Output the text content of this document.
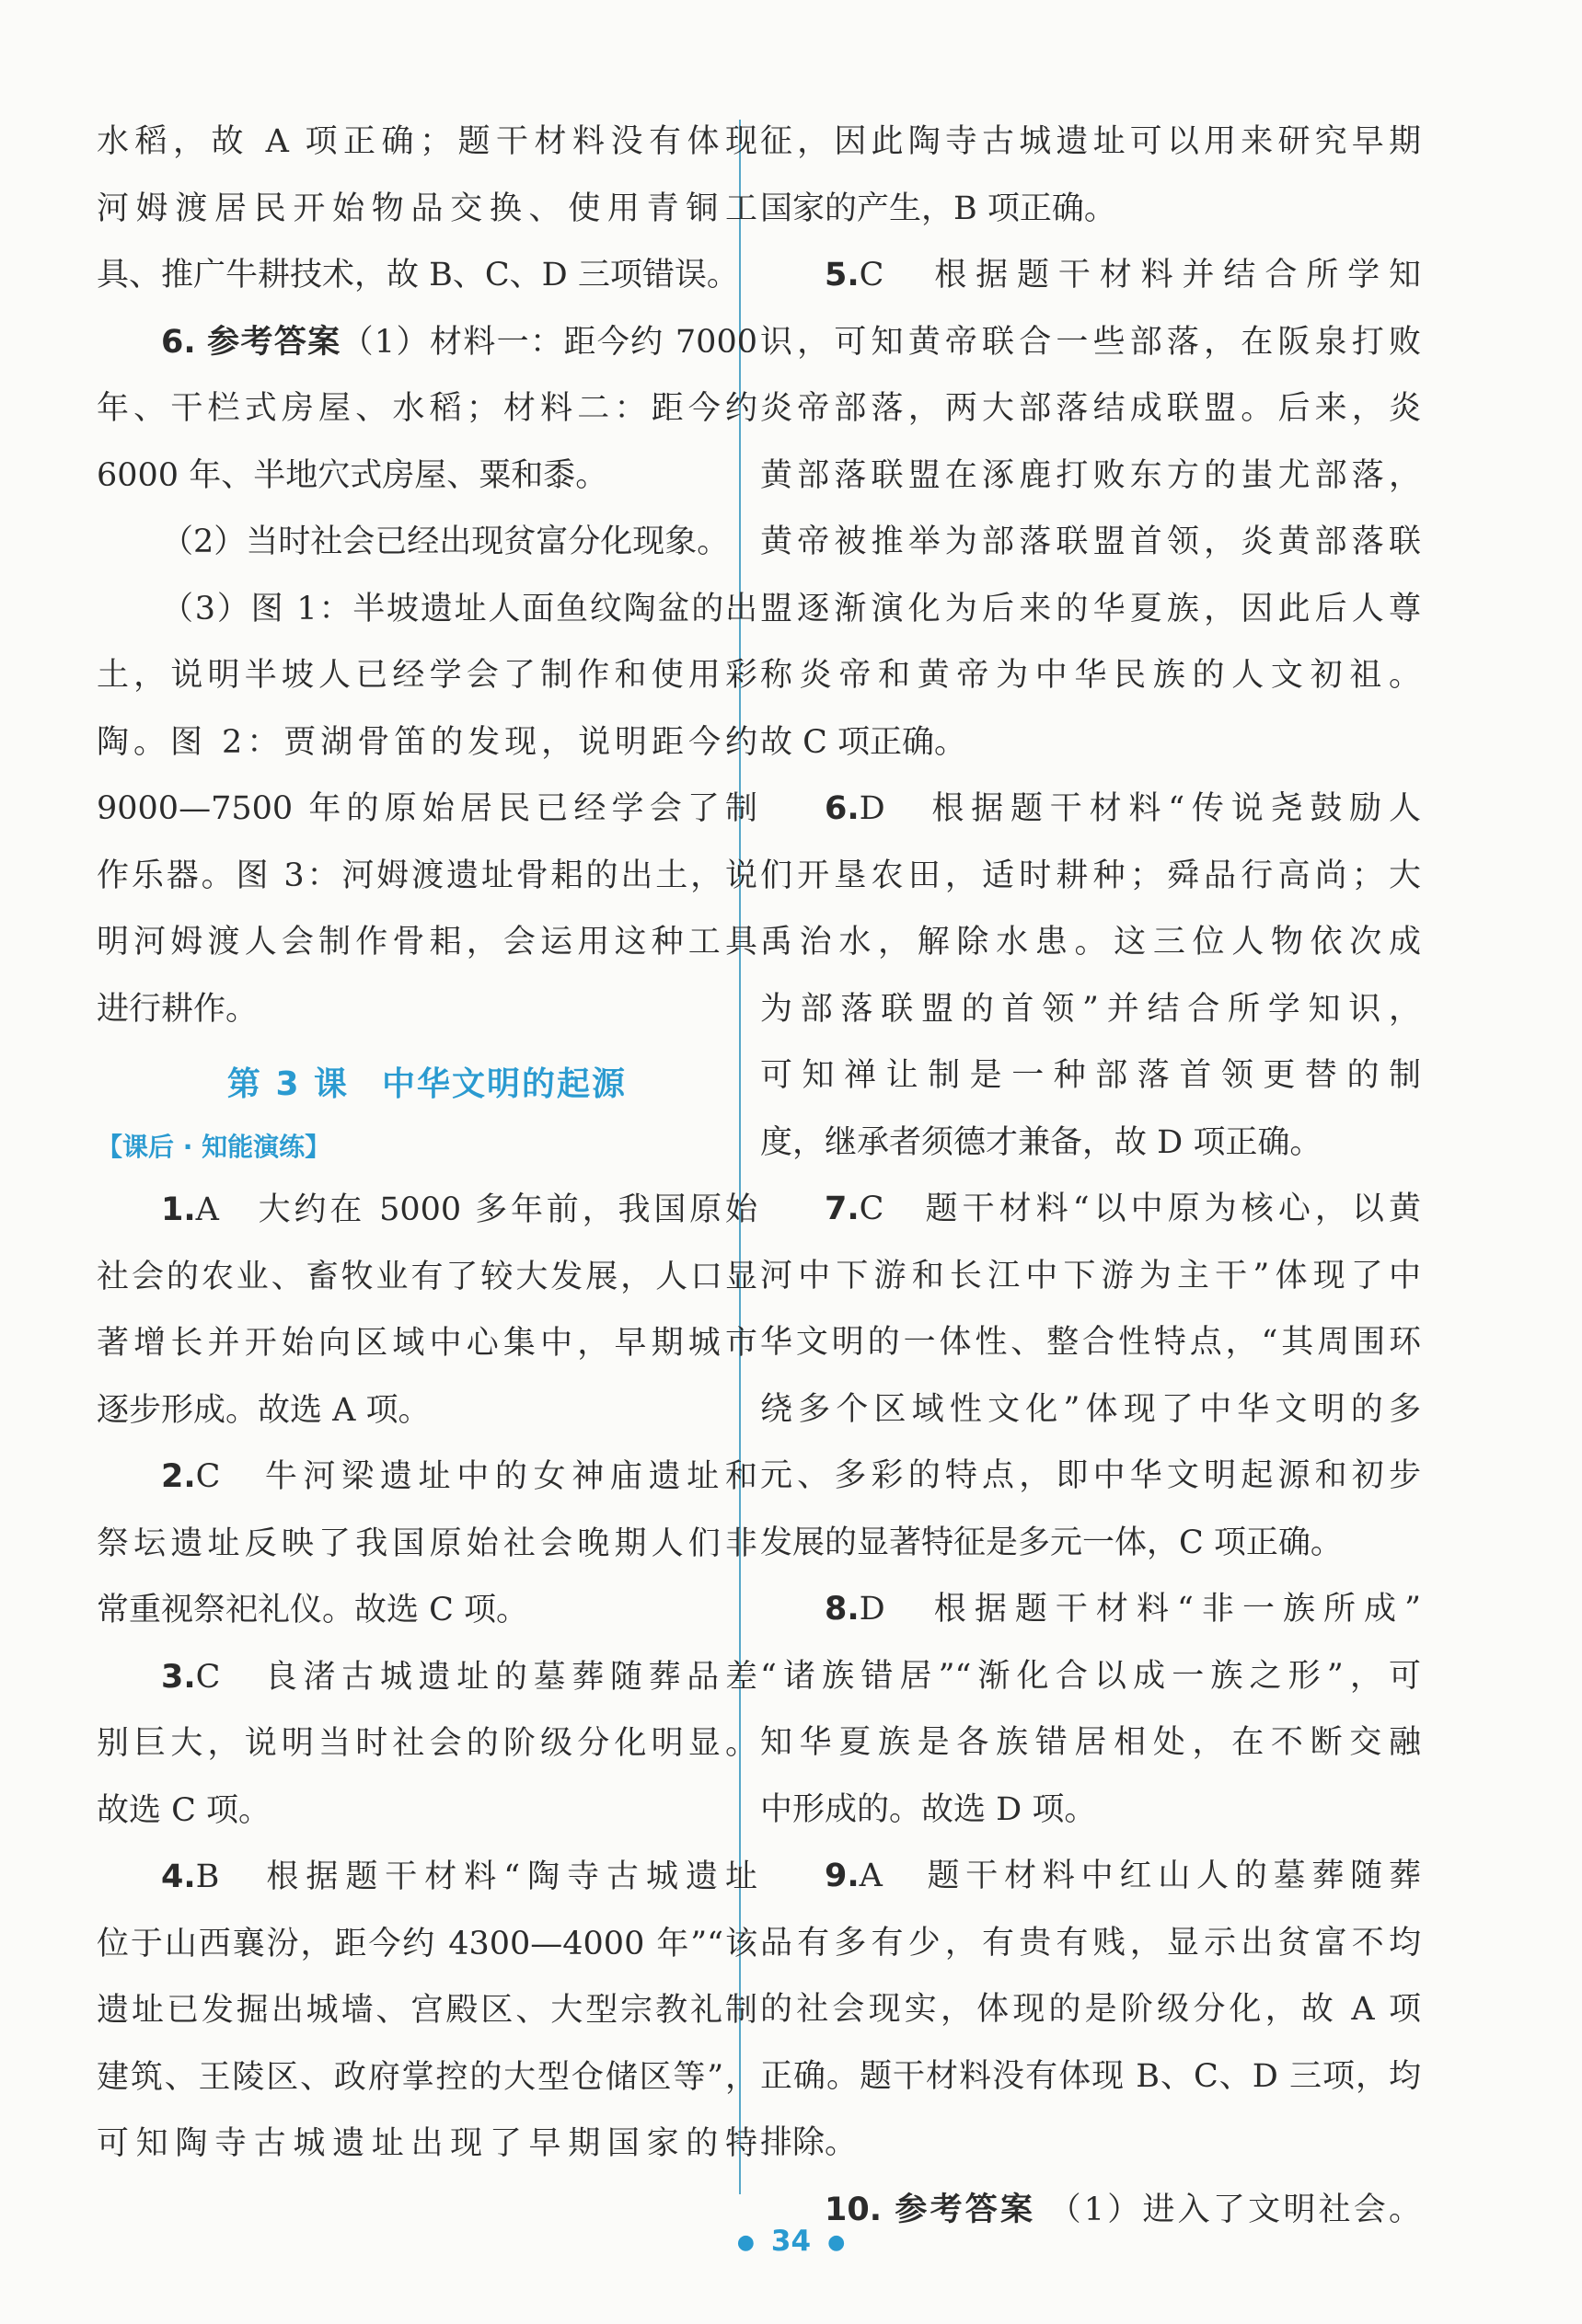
水稻，故 A 项正确；题干材料没有体现

河姆渡居民开始物品交换、使用青铜工

具、推广牛耕技术，故 B、C、D 三项错误。

6. 参考答案（1）材料一：距今约 7000

年、干栏式房屋、水稻；材料二：距今约

6000 年、半地穴式房屋、粟和黍。

（2）当时社会已经出现贫富分化现象。

（3）图 1：半坡遗址人面鱼纹陶盆的出

土，说明半坡人已经学会了制作和使用彩

陶。图 2：贾湖骨笛的发现，说明距今约

9000—7500 年的原始居民已经学会了制

作乐器。图 3：河姆渡遗址骨耜的出土，说

明河姆渡人会制作骨耜，会运用这种工具

进行耕作。

第 3 课 中华文明的起源
【课后 · 知能演练】

1.A　 大约在 5000 多年前，我国原始

社会的农业、畜牧业有了较大发展，人口显

著增长并开始向区域中心集中，早期城市

逐步形成。故选 A 项。

2.C　 牛河梁遗址中的女神庙遗址和

祭坛遗址反映了我国原始社会晚期人们非

常重视祭祀礼仪。故选 C 项。

3.C　 良渚古城遗址的墓葬随葬品差

别巨大，说明当时社会的阶级分化明显。

故选 C 项。

4.B　 根据题干材料“陶寺古城遗址

位于山西襄汾，距今约 4300—4000 年”“该

遗址已发掘出城墙、宫殿区、大型宗教礼制

建筑、王陵区、政府掌控的大型仓储区等”，

可知陶寺古城遗址出现了早期国家的特

征，因此陶寺古城遗址可以用来研究早期

国家的产生，B 项正确。

5.C　 根据题干材料并结合所学知

识，可知黄帝联合一些部落，在阪泉打败

炎帝部落，两大部落结成联盟。后来，炎

黄部落联盟在涿鹿打败东方的蚩尤部落，

黄帝被推举为部落联盟首领，炎黄部落联

盟逐渐演化为后来的华夏族，因此后人尊

称炎帝和黄帝为中华民族的人文初祖。

故 C 项正确。

6.D　 根据题干材料“传说尧鼓励人

们开垦农田，适时耕种；舜品行高尚；大

禹治水，解除水患。这三位人物依次成

为部落联盟的首领”并结合所学知识，

可知禅让制是一种部落首领更替的制

度，继承者须德才兼备，故 D 项正确。

7.C　 题干材料“以中原为核心，以黄

河中下游和长江中下游为主干”体现了中

华文明的一体性、整合性特点，“其周围环

绕多个区域性文化”体现了中华文明的多

元、多彩的特点，即中华文明起源和初步

发展的显著特征是多元一体，C 项正确。

8.D　 根据题干材料“非一族所成”

“诸族错居”“渐化合以成一族之形”，可

知华夏族是各族错居相处，在不断交融

中形成的。故选 D 项。

9.A　 题干材料中红山人的墓葬随葬

品有多有少，有贵有贱，显示出贫富不均

的社会现实，体现的是阶级分化，故 A 项

正确。题干材料没有体现 B、C、D 三项，均

排除。

10. 参考答案 （1）进入了文明社会。

● 34 ●
